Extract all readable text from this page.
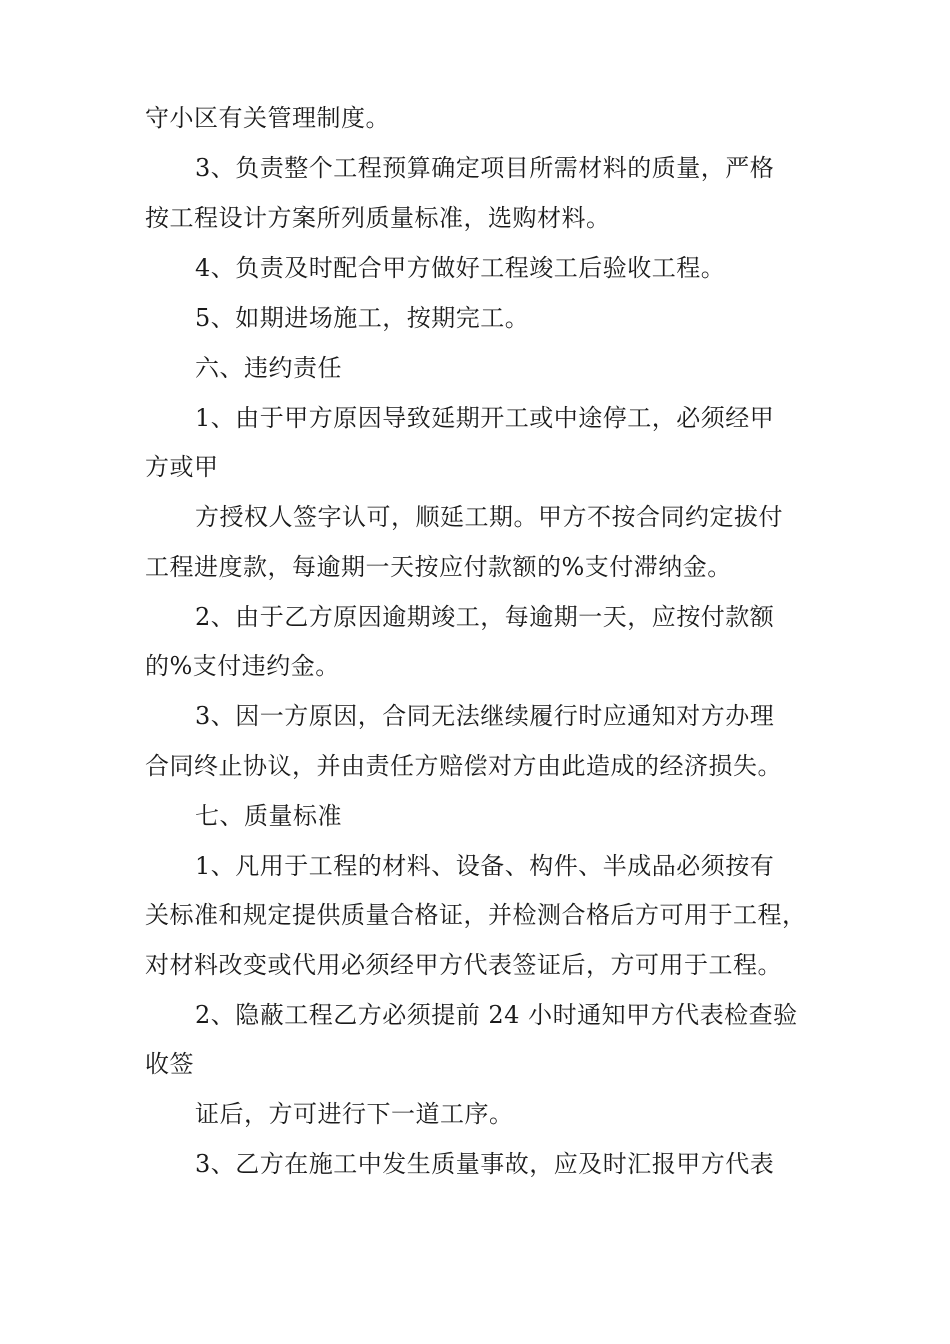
守小区有关管理制度。
3、负责整个工程预算确定项目所需材料的质量，严格
按工程设计方案所列质量标准，选购材料。
4、负责及时配合甲方做好工程竣工后验收工程。
5、如期进场施工，按期完工。
六、违约责任
1、由于甲方原因导致延期开工或中途停工，必须经甲
方或甲
方授权人签字认可，顺延工期。甲方不按合同约定拔付
工程进度款，每逾期一天按应付款额的%支付滞纳金。
2、由于乙方原因逾期竣工，每逾期一天，应按付款额
的%支付违约金。
3、因一方原因，合同无法继续履行时应通知对方办理
合同终止协议，并由责任方赔偿对方由此造成的经济损失。
七、质量标准
1、凡用于工程的材料、设备、构件、半成品必须按有
关标准和规定提供质量合格证，并检测合格后方可用于工程，
对材料改变或代用必须经甲方代表签证后，方可用于工程。
2、隐蔽工程乙方必须提前 24 小时通知甲方代表检查验
收签
证后，方可进行下一道工序。
3、乙方在施工中发生质量事故，应及时汇报甲方代表
